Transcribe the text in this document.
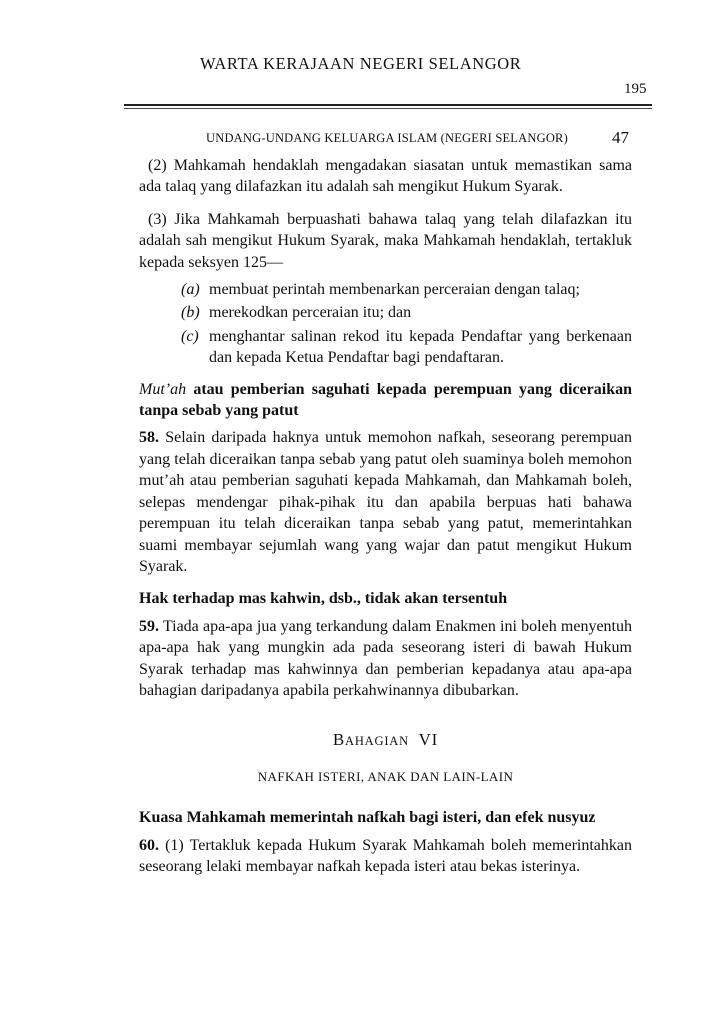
WARTA KERAJAAN NEGERI SELANGOR
195
UNDANG-UNDANG KELUARGA ISLAM (NEGERI SELANGOR)	47

(2) Mahkamah hendaklah mengadakan siasatan untuk memastikan sama ada talaq yang dilafazkan itu adalah sah mengikut Hukum Syarak.

(3) Jika Mahkamah berpuashati bahawa talaq yang telah dilafazkan itu adalah sah mengikut Hukum Syarak, maka Mahkamah hendaklah, tertakluk kepada seksyen 125—

(a) membuat perintah membenarkan perceraian dengan talaq;
(b) merekodkan perceraian itu; dan
(c) menghantar salinan rekod itu kepada Pendaftar yang berkenaan dan kepada Ketua Pendaftar bagi pendaftaran.
Mut’ah atau pemberian saguhati kepada perempuan yang diceraikan tanpa sebab yang patut

58. Selain daripada haknya untuk memohon nafkah, seseorang perempuan yang telah diceraikan tanpa sebab yang patut oleh suaminya boleh memohon mut’ah atau pemberian saguhati kepada Mahkamah, dan Mahkamah boleh, selepas mendengar pihak-pihak itu dan apabila berpuas hati bahawa perempuan itu telah diceraikan tanpa sebab yang patut, memerintahkan suami membayar sejumlah wang yang wajar dan patut mengikut Hukum Syarak.

Hak terhadap mas kahwin, dsb., tidak akan tersentuh

59. Tiada apa-apa jua yang terkandung dalam Enakmen ini boleh menyentuh apa-apa hak yang mungkin ada pada seseorang isteri di bawah Hukum Syarak terhadap mas kahwinnya dan pemberian kepadanya atau apa-apa bahagian daripadanya apabila perkahwinannya dibubarkan.

BAHAGIAN VI
NAFKAH ISTERI, ANAK DAN LAIN-LAIN
Kuasa Mahkamah memerintah nafkah bagi isteri, dan efek nusyuz

60. (1) Tertakluk kepada Hukum Syarak Mahkamah boleh memerintahkan seseorang lelaki membayar nafkah kepada isteri atau bekas isterinya.
